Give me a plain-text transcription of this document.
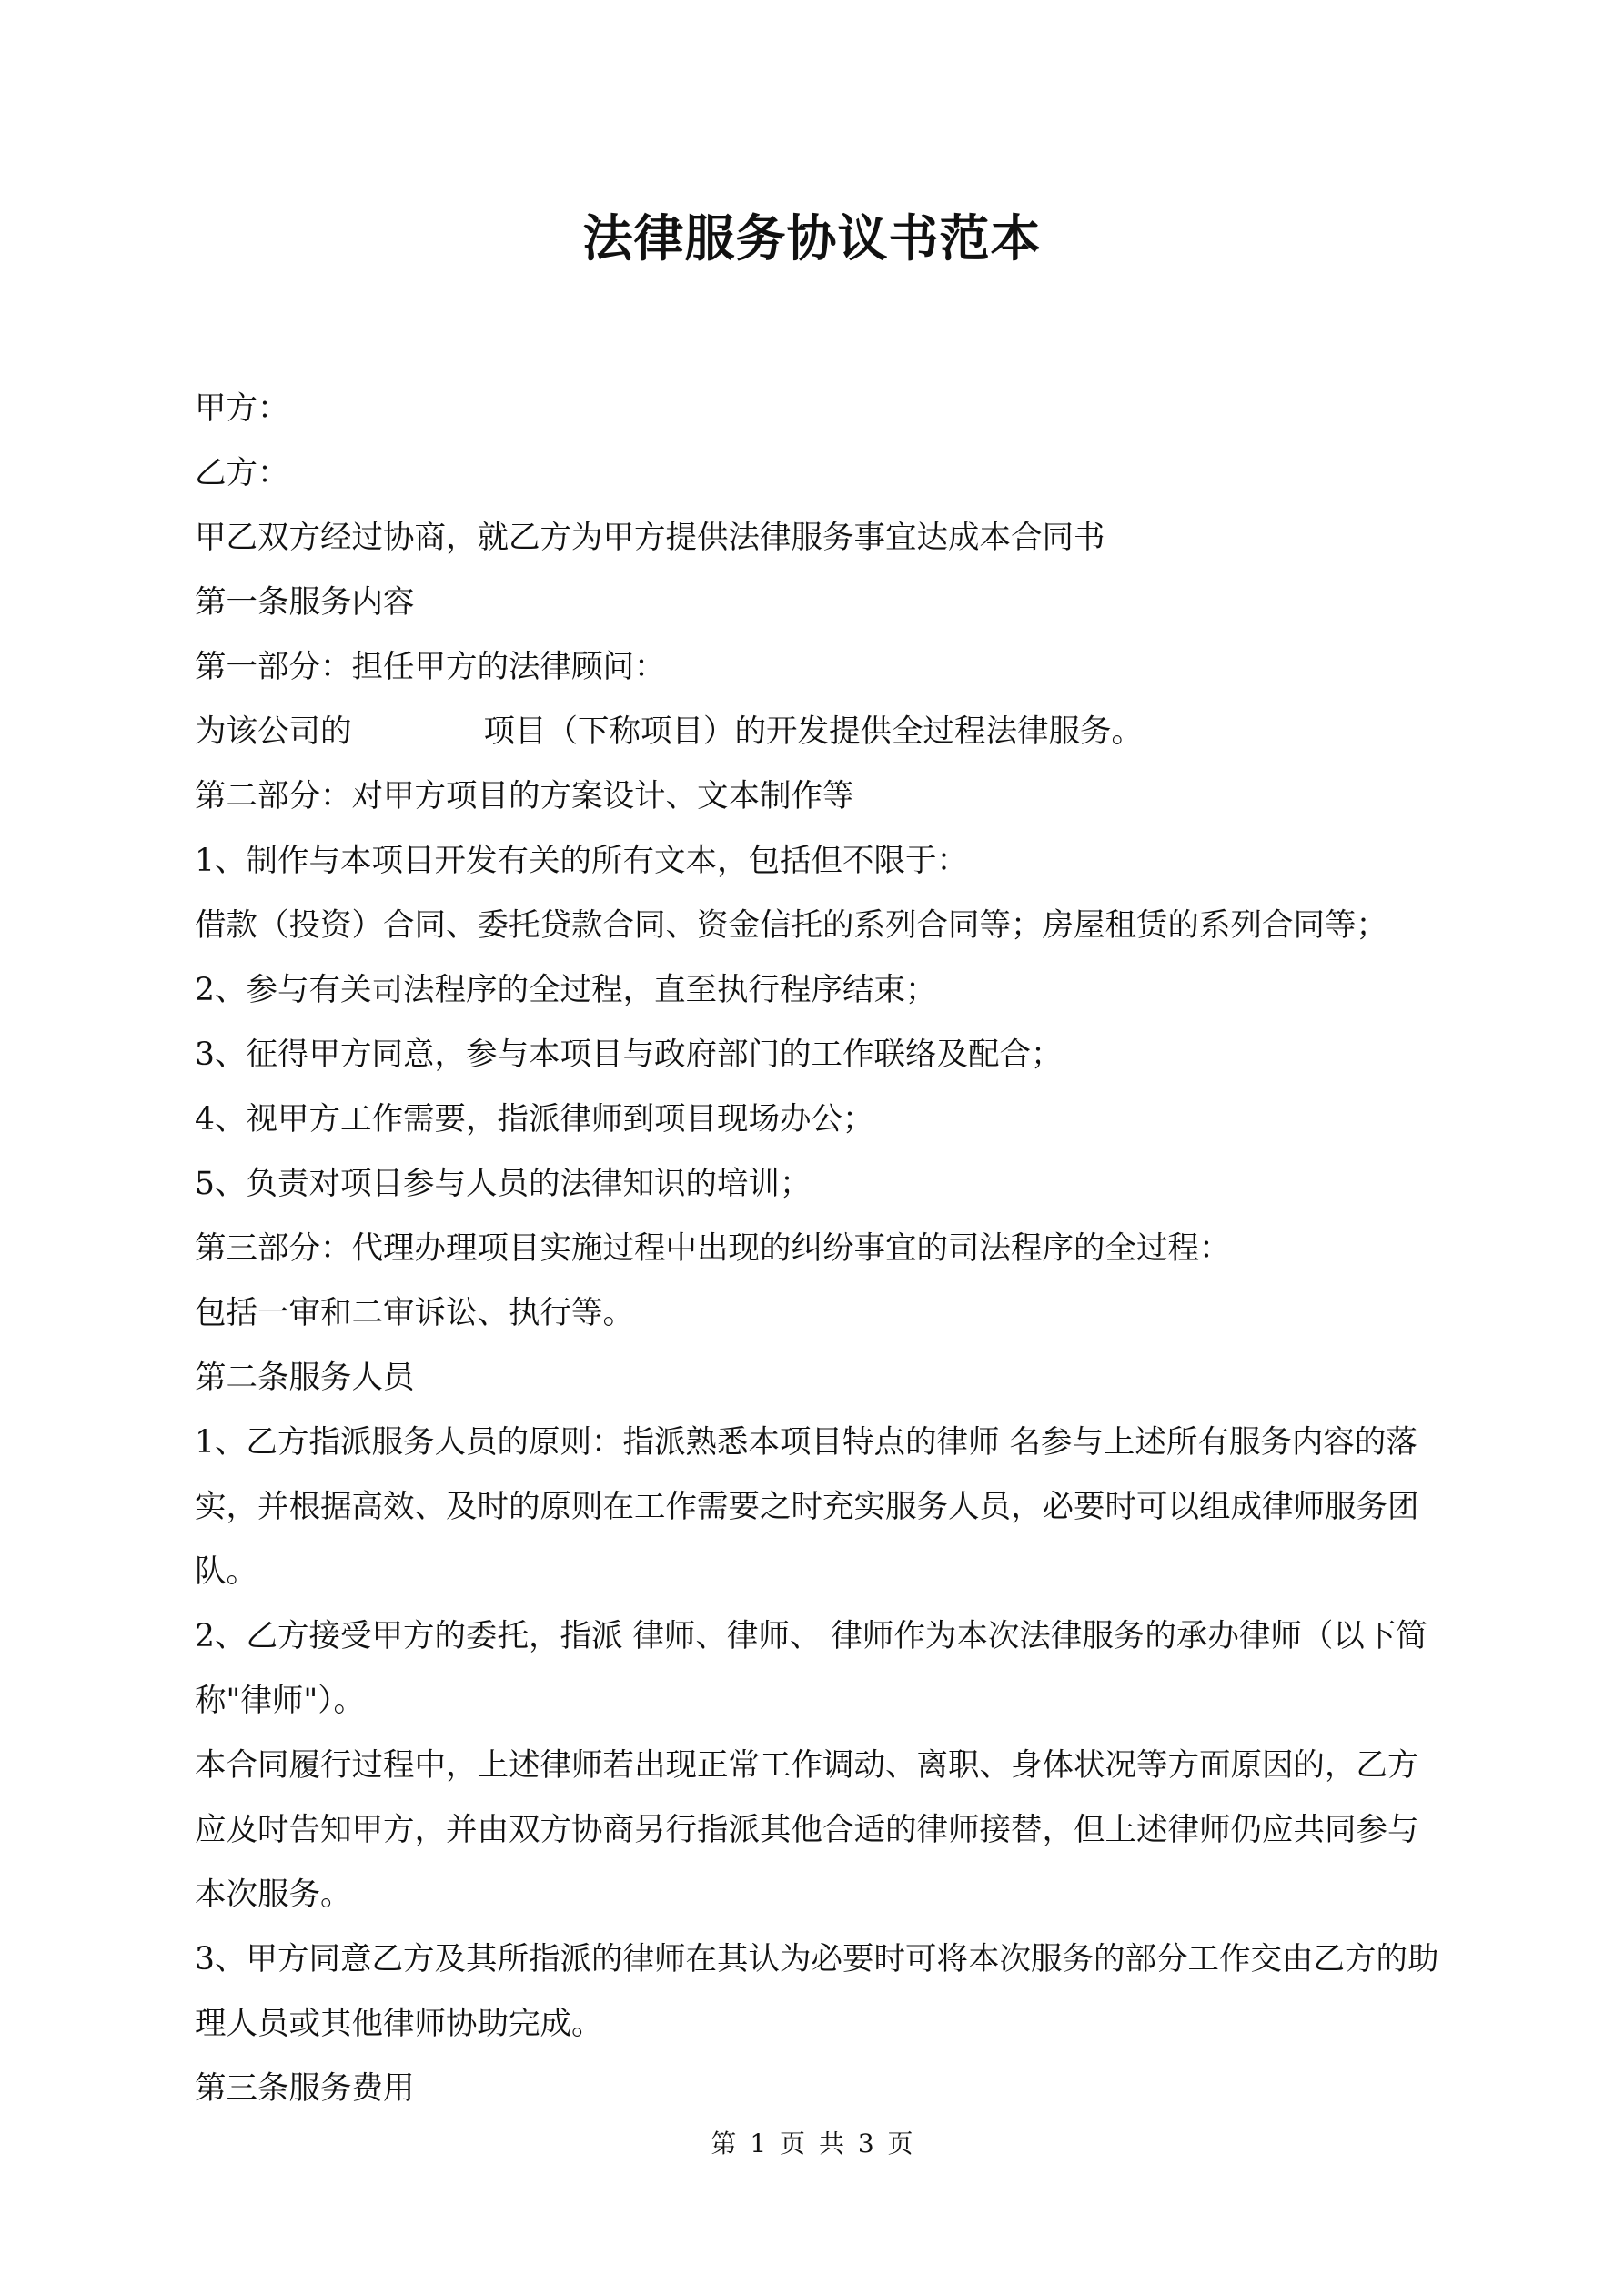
法律服务协议书范本

甲方：

乙方：

甲乙双方经过协商，就乙方为甲方提供法律服务事宜达成本合同书

第一条服务内容

第一部分：担任甲方的法律顾问：

为该公司的	项目（下称项目）的开发提供全过程法律服务。

第二部分：对甲方项目的方案设计、文本制作等

1、制作与本项目开发有关的所有文本，包括但不限于：

借款（投资）合同、委托贷款合同、资金信托的系列合同等；房屋租赁的系列合同等；

2、参与有关司法程序的全过程，直至执行程序结束；

3、征得甲方同意，参与本项目与政府部门的工作联络及配合；

4、视甲方工作需要，指派律师到项目现场办公；

5、负责对项目参与人员的法律知识的培训；

第三部分：代理办理项目实施过程中出现的纠纷事宜的司法程序的全过程：

包括一审和二审诉讼、执行等。

第二条服务人员

1、乙方指派服务人员的原则：指派熟悉本项目特点的律师 名参与上述所有服务内容的落实，并根据高效、及时的原则在工作需要之时充实服务人员，必要时可以组成律师服务团队。

2、乙方接受甲方的委托，指派 律师、律师、 律师作为本次法律服务的承办律师（以下简称"律师"）。

本合同履行过程中，上述律师若出现正常工作调动、离职、身体状况等方面原因的，乙方应及时告知甲方，并由双方协商另行指派其他合适的律师接替，但上述律师仍应共同参与本次服务。

3、甲方同意乙方及其所指派的律师在其认为必要时可将本次服务的部分工作交由乙方的助理人员或其他律师协助完成。

第三条服务费用

第 1 页 共 3 页
